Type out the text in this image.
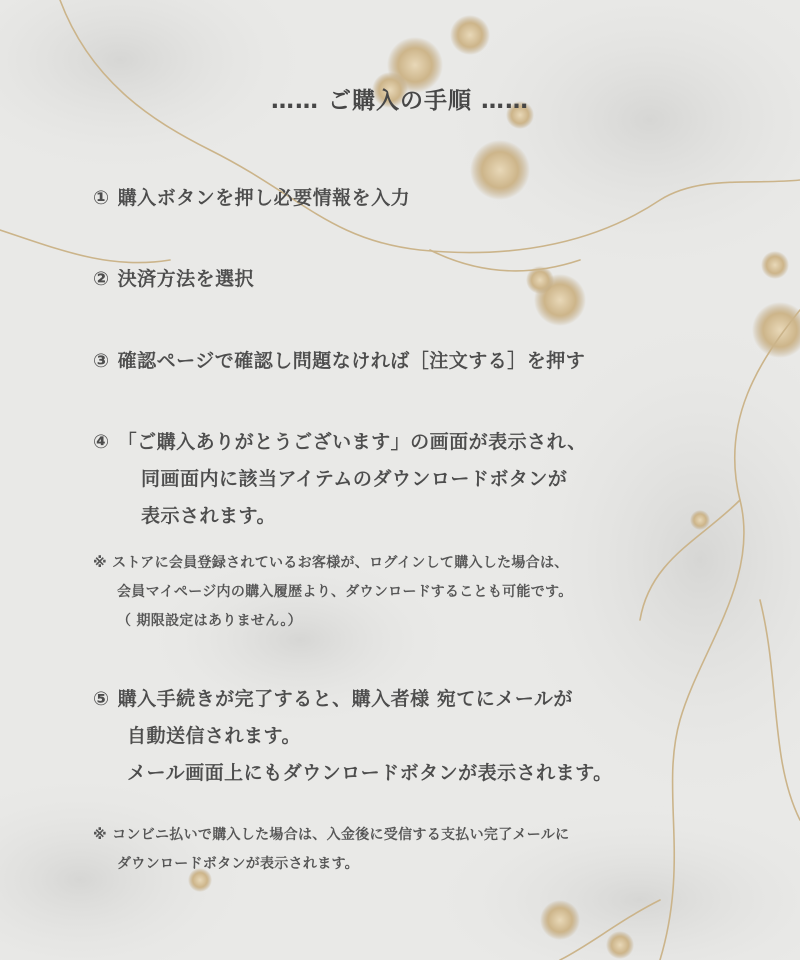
…… ご購入の手順 ……
① 購入ボタンを押し必要情報を入力
② 決済方法を選択
③ 確認ページで確認し問題なければ［注文する］を押す
④ 「ご購入ありがとうございます」の画面が表示され、
同画面内に該当アイテムのダウンロードボタンが
表示されます。
※ ストアに会員登録されているお客様が、ログインして購入した場合は、
会員マイページ内の購入履歴より、ダウンロードすることも可能です。
（ 期限設定はありません。）
⑤ 購入手続きが完了すると、購入者様 宛てにメールが
自動送信されます。
メール画面上にもダウンロードボタンが表示されます。
※ コンビニ払いで購入した場合は、入金後に受信する支払い完了メールに
ダウンロードボタンが表示されます。
